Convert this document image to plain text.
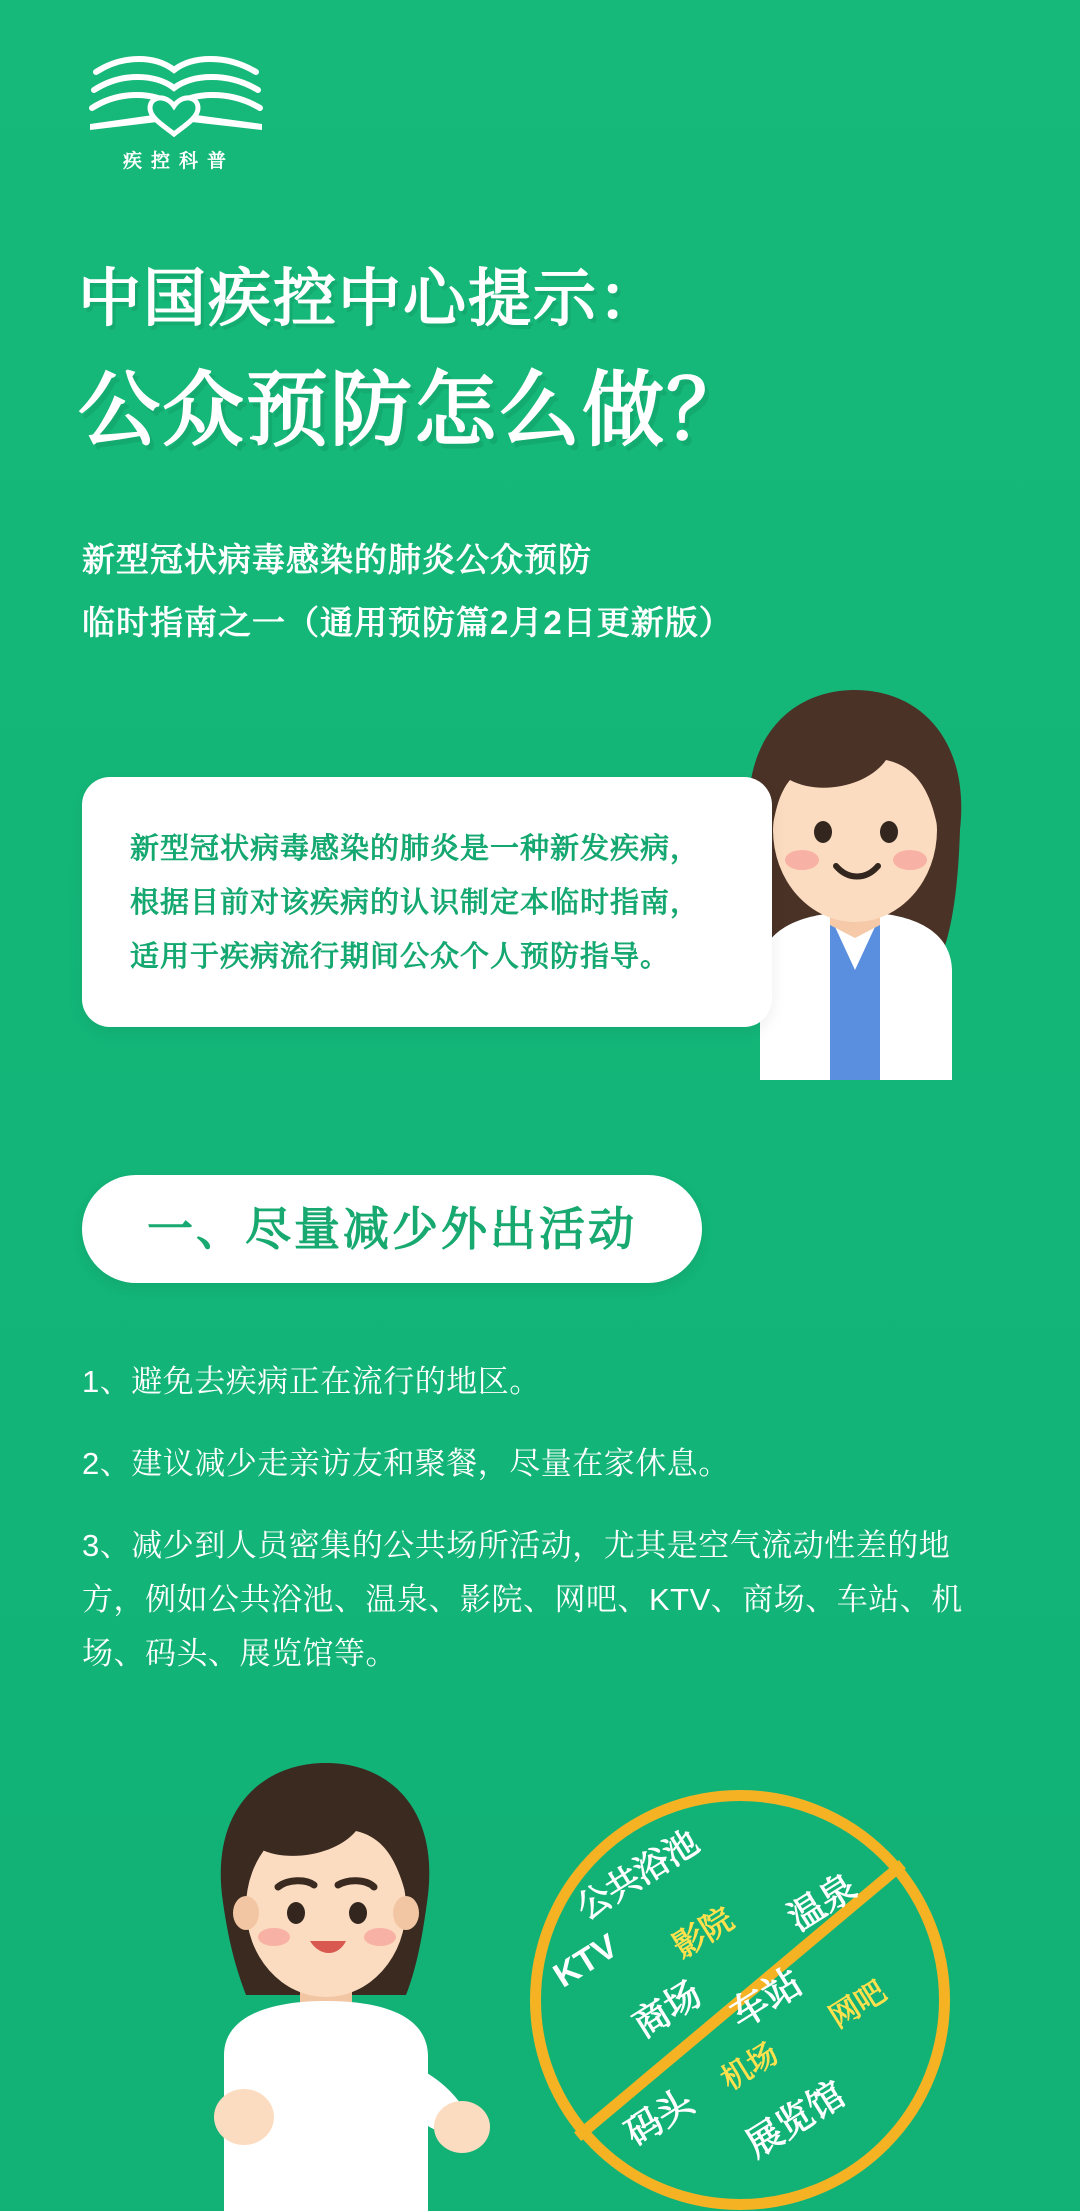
疾控科普
中国疾控中心提示：
公众预防怎么做？
新型冠状病毒感染的肺炎公众预防
临时指南之一（通用预防篇2月2日更新版）
新型冠状病毒感染的肺炎是一种新发疾病，根据目前对该疾病的认识制定本临时指南，适用于疾病流行期间公众个人预防指导。
一、尽量减少外出活动
1、避免去疾病正在流行的地区。
2、建议减少走亲访友和聚餐，尽量在家休息。
3、减少到人员密集的公共场所活动，尤其是空气流动性差的地方，例如公共浴池、温泉、影院、网吧、KTV、商场、车站、机场、码头、展览馆等。
公共浴池 温泉
KTV 影院
商场 车站 网吧
机场
码头 展览馆
